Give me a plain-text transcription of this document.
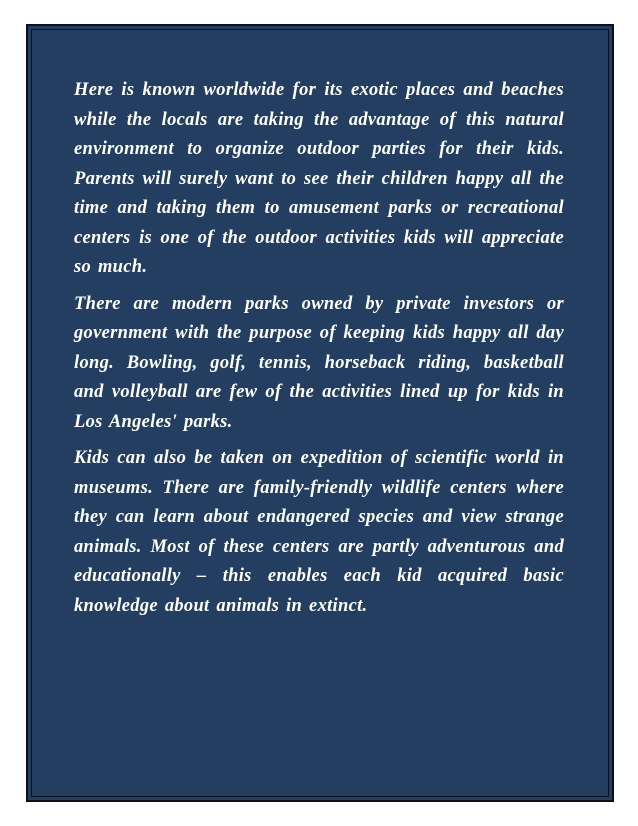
Here is known worldwide for its exotic places and beaches while the locals are taking the advantage of this natural environment to organize outdoor parties for their kids. Parents will surely want to see their children happy all the time and taking them to amusement parks or recreational centers is one of the outdoor activities kids will appreciate so much.

There are modern parks owned by private investors or government with the purpose of keeping kids happy all day long. Bowling, golf, tennis, horseback riding, basketball and volleyball are few of the activities lined up for kids in Los Angeles' parks.

Kids can also be taken on expedition of scientific world in museums. There are family-friendly wildlife centers where they can learn about endangered species and view strange animals. Most of these centers are partly adventurous and educationally – this enables each kid acquired basic knowledge about animals in extinct.
